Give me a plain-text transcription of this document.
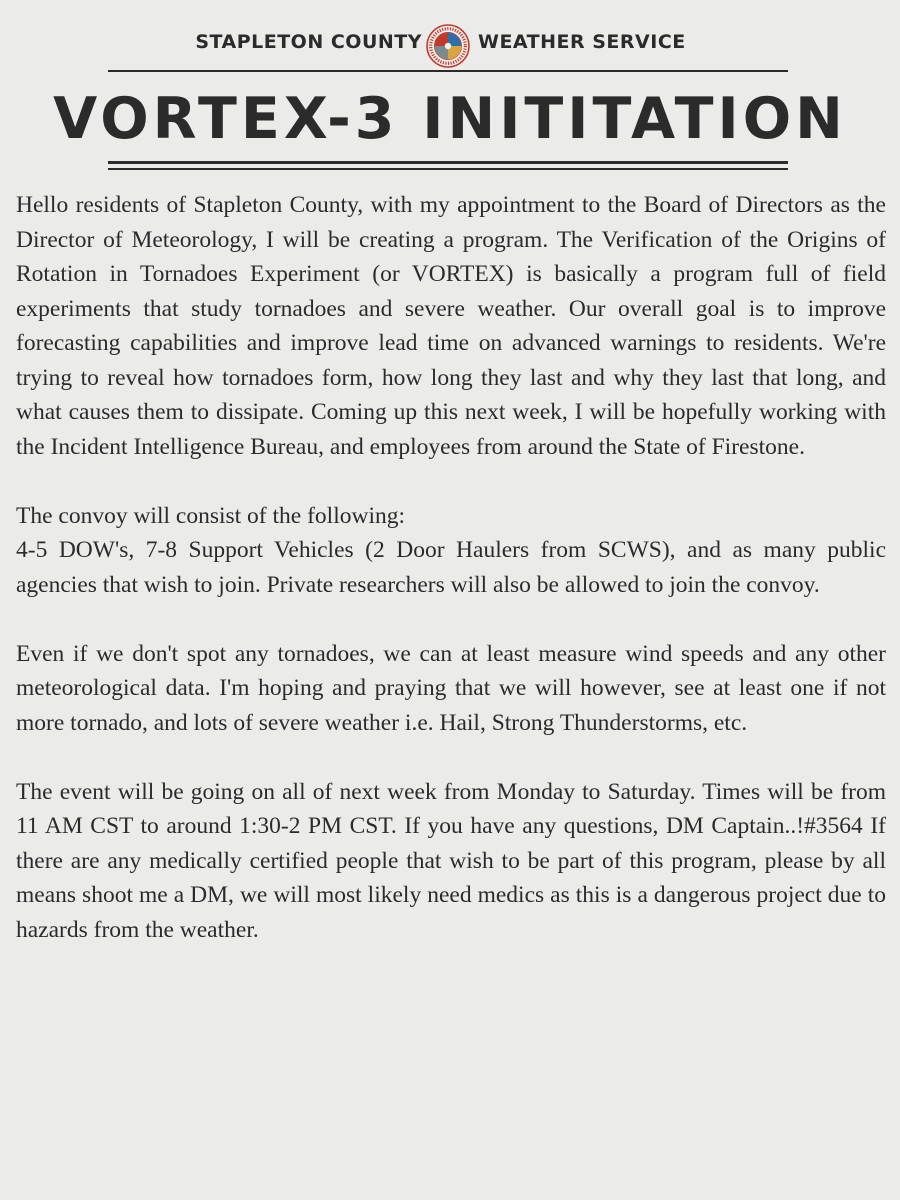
STAPLETON COUNTY	WEATHER SERVICE
VORTEX-3 INITITATION

Hello residents of Stapleton County, with my appointment to the Board of Directors as the Director of Meteorology, I will be creating a program. The Verification of the Origins of Rotation in Tornadoes Experiment (or VORTEX) is basically a program full of field experiments that study tornadoes and severe weather. Our overall goal is to improve forecasting capabilities and improve lead time on advanced warnings to residents. We're trying to reveal how tornadoes form, how long they last and why they last that long, and what causes them to dissipate. Coming up this next week, I will be hopefully working with the Incident Intelligence Bureau, and employees from around the State of Firestone.

The convoy will consist of the following:

4-5 DOW's, 7-8 Support Vehicles (2 Door Haulers from SCWS), and as many public agencies that wish to join. Private researchers will also be allowed to join the convoy.

Even if we don't spot any tornadoes, we can at least measure wind speeds and any other meteorological data. I'm hoping and praying that we will however, see at least one if not more tornado, and lots of severe weather i.e. Hail, Strong Thunderstorms, etc.

The event will be going on all of next week from Monday to Saturday. Times will be from 11 AM CST to around 1:30-2 PM CST. If you have any questions, DM Captain..!#3564 If there are any medically certified people that wish to be part of this program, please by all means shoot me a DM, we will most likely need medics as this is a dangerous project due to hazards from the weather.
